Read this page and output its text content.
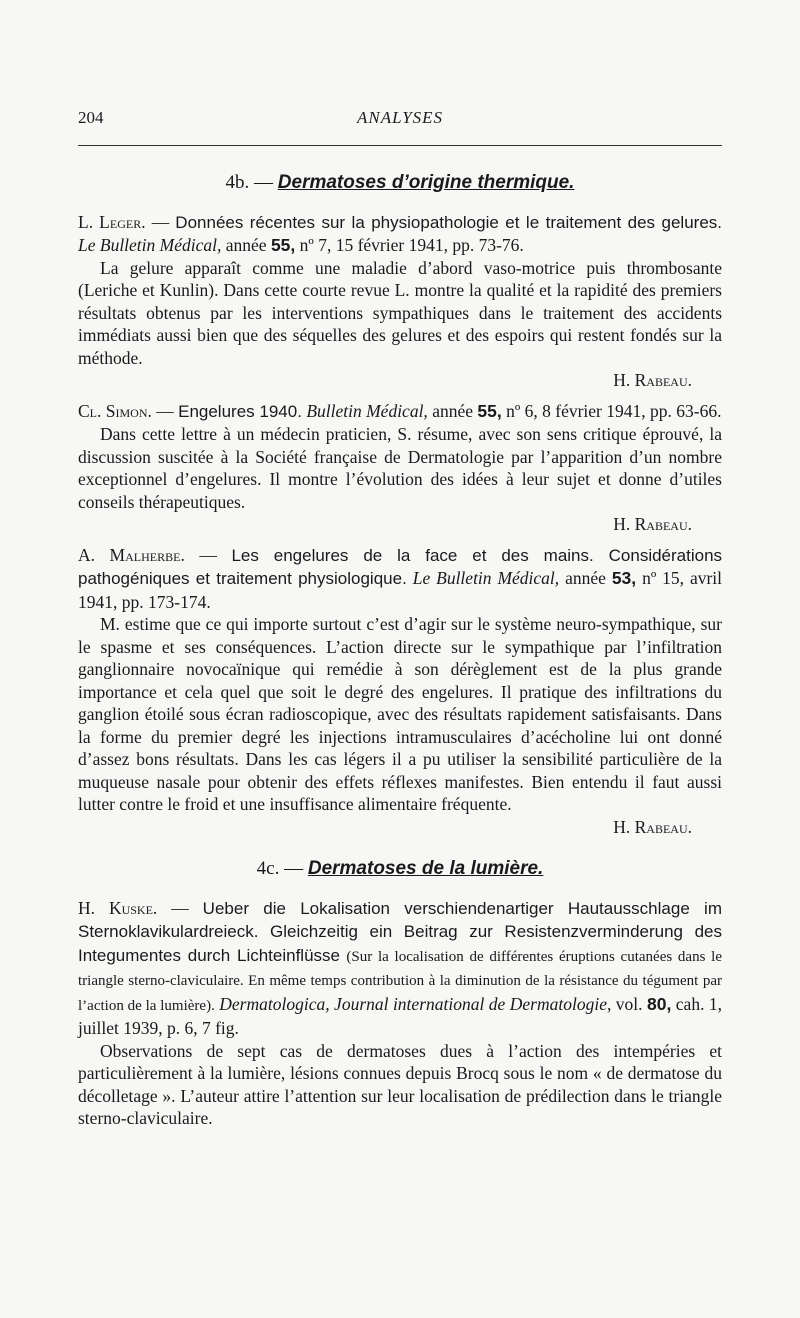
204	ANALYSES
4b. — Dermatoses d’origine thermique.
L. Leger. — Données récentes sur la physiopathologie et le traitement des gelures. Le Bulletin Médical, année 55, nº 7, 15 février 1941, pp. 73-76.
La gelure apparaît comme une maladie d’abord vaso-motrice puis thrombosante (Leriche et Kunlin). Dans cette courte revue L. montre la qualité et la rapidité des premiers résultats obtenus par les interventions sympathiques dans le traitement des accidents immédiats aussi bien que des séquelles des gelures et des espoirs qui restent fondés sur la méthode.
H. Rabeau.
Cl. Simon. — Engelures 1940. Bulletin Médical, année 55, nº 6, 8 février 1941, pp. 63-66.
Dans cette lettre à un médecin praticien, S. résume, avec son sens critique éprouvé, la discussion suscitée à la Société française de Dermatologie par l’apparition d’un nombre exceptionnel d’engelures. Il montre l’évolution des idées à leur sujet et donne d’utiles conseils thérapeutiques.
H. Rabeau.
A. Malherbe. — Les engelures de la face et des mains. Considérations pathogéniques et traitement physiologique. Le Bulletin Médical, année 53, nº 15, avril 1941, pp. 173-174.
M. estime que ce qui importe surtout c’est d’agir sur le système neuro-sympathique, sur le spasme et ses conséquences. L’action directe sur le sympathique par l’infiltration ganglionnaire novocaïnique qui remédie à son dérèglement est de la plus grande importance et cela quel que soit le degré des engelures. Il pratique des infiltrations du ganglion étoilé sous écran radioscopique, avec des résultats rapidement satisfaisants. Dans la forme du premier degré les injections intramusculaires d’acécholine lui ont donné d’assez bons résultats. Dans les cas légers il a pu utiliser la sensibilité particulière de la muqueuse nasale pour obtenir des effets réflexes manifestes. Bien entendu il faut aussi lutter contre le froid et une insuffisance alimentaire fréquente.
H. Rabeau.
4c. — Dermatoses de la lumière.
H. Kuske. — Ueber die Lokalisation verschiendenartiger Hautausschlage im Sternoklavikulardreieck. Gleichzeitig ein Beitrag zur Resistenzverminderung des Integumentes durch Lichteinflüsse (Sur la localisation de différentes éruptions cutanées dans le triangle sterno-claviculaire. En même temps contribution à la diminution de la résistance du tégument par l’action de la lumière). Dermatologica, Journal international de Dermatologie, vol. 80, cah. 1, juillet 1939, p. 6, 7 fig.
Observations de sept cas de dermatoses dues à l’action des intempéries et particulièrement à la lumière, lésions connues depuis Brocq sous le nom « de dermatose du décolletage ». L’auteur attire l’attention sur leur localisation de prédilection dans le triangle sterno-claviculaire.
